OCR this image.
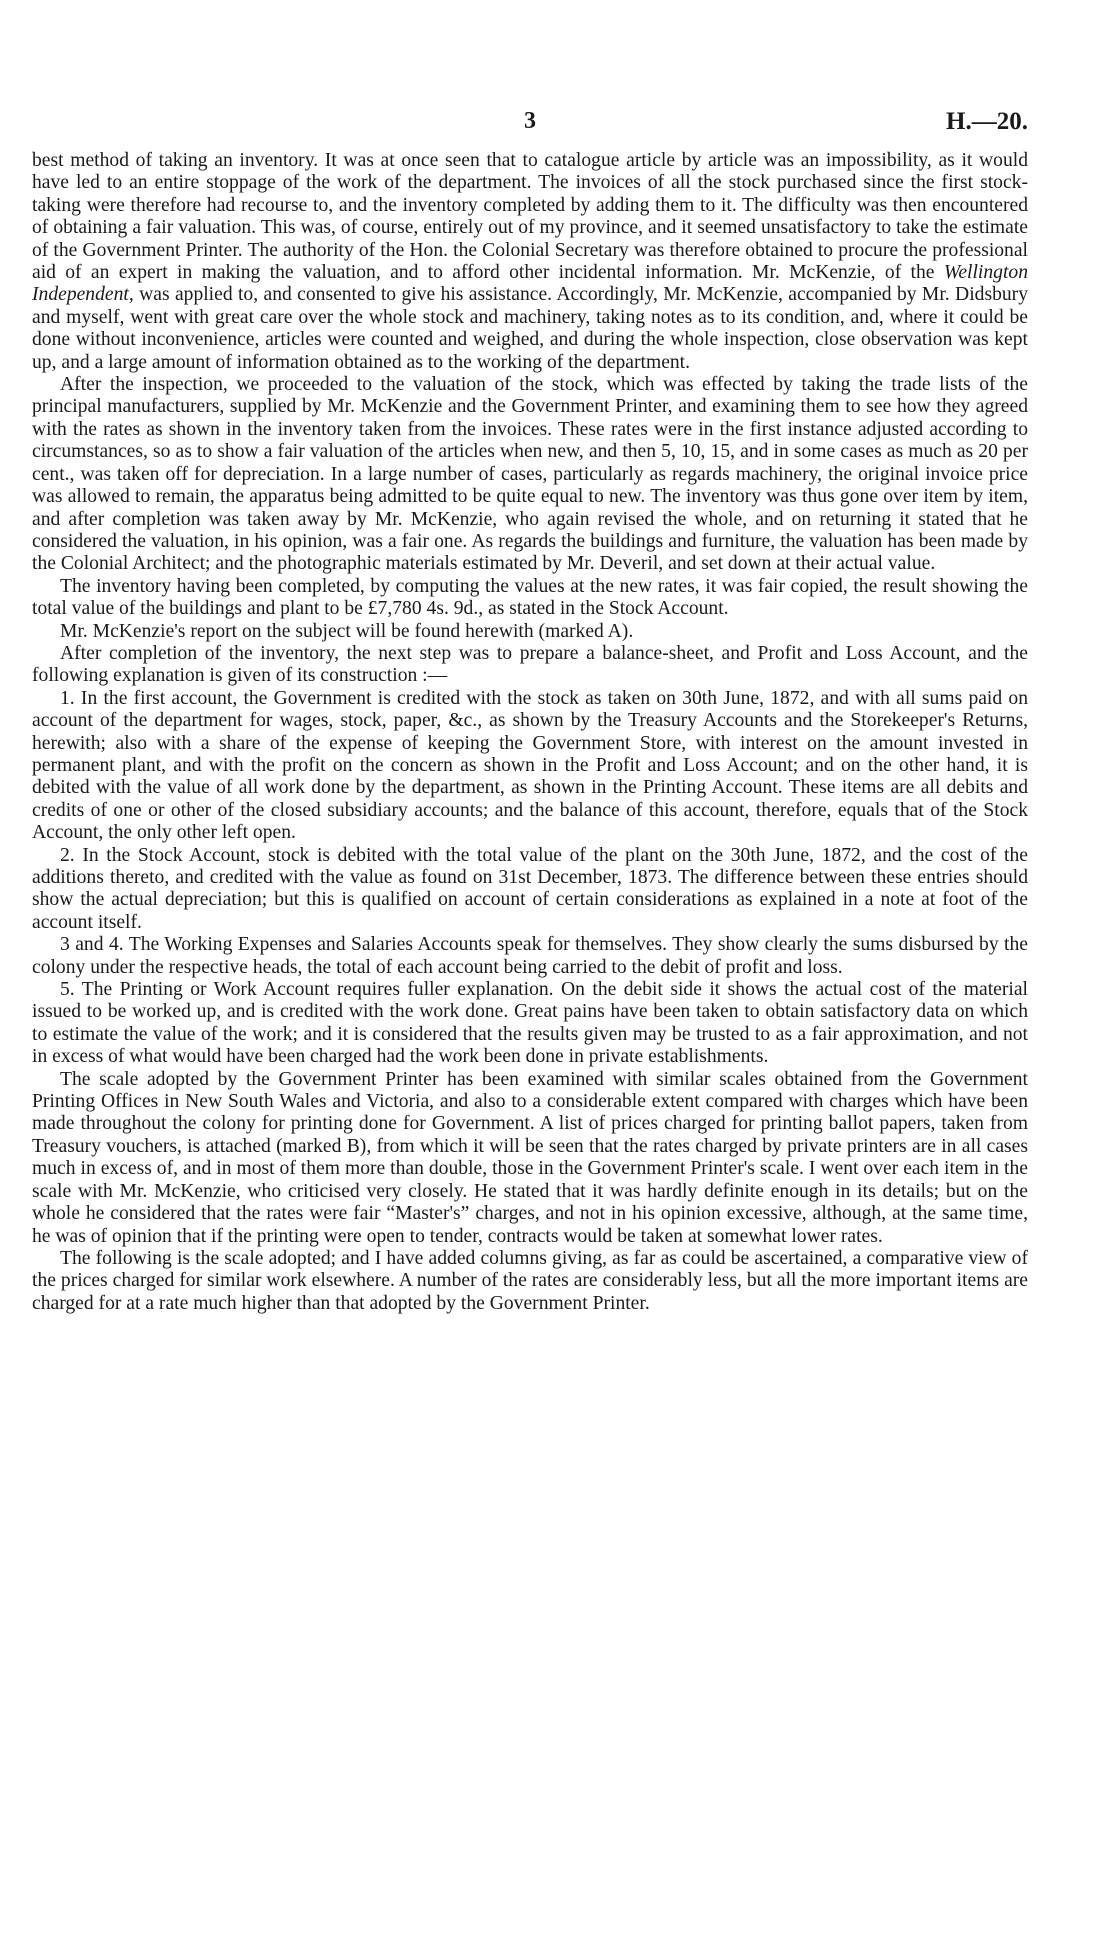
3	H.—20.

best method of taking an inventory. It was at once seen that to catalogue article by article was an impossibility, as it would have led to an entire stoppage of the work of the department. The invoices of all the stock purchased since the first stock-taking were therefore had recourse to, and the inventory completed by adding them to it. The difficulty was then encountered of obtaining a fair valuation. This was, of course, entirely out of my province, and it seemed unsatisfactory to take the estimate of the Government Printer. The authority of the Hon. the Colonial Secretary was therefore obtained to procure the professional aid of an expert in making the valuation, and to afford other incidental information. Mr. McKenzie, of the Wellington Independent, was applied to, and consented to give his assistance. Accordingly, Mr. McKenzie, accompanied by Mr. Didsbury and myself, went with great care over the whole stock and machinery, taking notes as to its condition, and, where it could be done without inconvenience, articles were counted and weighed, and during the whole inspection, close observation was kept up, and a large amount of information obtained as to the working of the department.

After the inspection, we proceeded to the valuation of the stock, which was effected by taking the trade lists of the principal manufacturers, supplied by Mr. McKenzie and the Government Printer, and examining them to see how they agreed with the rates as shown in the inventory taken from the invoices. These rates were in the first instance adjusted according to circumstances, so as to show a fair valuation of the articles when new, and then 5, 10, 15, and in some cases as much as 20 per cent., was taken off for depreciation. In a large number of cases, particularly as regards machinery, the original invoice price was allowed to remain, the apparatus being admitted to be quite equal to new. The inventory was thus gone over item by item, and after completion was taken away by Mr. McKenzie, who again revised the whole, and on returning it stated that he considered the valuation, in his opinion, was a fair one. As regards the buildings and furniture, the valuation has been made by the Colonial Architect; and the photographic materials estimated by Mr. Deveril, and set down at their actual value.

The inventory having been completed, by computing the values at the new rates, it was fair copied, the result showing the total value of the buildings and plant to be £7,780 4s. 9d., as stated in the Stock Account.

Mr. McKenzie's report on the subject will be found herewith (marked A).

After completion of the inventory, the next step was to prepare a balance-sheet, and Profit and Loss Account, and the following explanation is given of its construction :—

1. In the first account, the Government is credited with the stock as taken on 30th June, 1872, and with all sums paid on account of the department for wages, stock, paper, &c., as shown by the Treasury Accounts and the Storekeeper's Returns, herewith; also with a share of the expense of keeping the Government Store, with interest on the amount invested in permanent plant, and with the profit on the concern as shown in the Profit and Loss Account; and on the other hand, it is debited with the value of all work done by the department, as shown in the Printing Account. These items are all debits and credits of one or other of the closed subsidiary accounts; and the balance of this account, therefore, equals that of the Stock Account, the only other left open.

2. In the Stock Account, stock is debited with the total value of the plant on the 30th June, 1872, and the cost of the additions thereto, and credited with the value as found on 31st December, 1873. The difference between these entries should show the actual depreciation; but this is qualified on account of certain considerations as explained in a note at foot of the account itself.

3 and 4. The Working Expenses and Salaries Accounts speak for themselves. They show clearly the sums disbursed by the colony under the respective heads, the total of each account being carried to the debit of profit and loss.

5. The Printing or Work Account requires fuller explanation. On the debit side it shows the actual cost of the material issued to be worked up, and is credited with the work done. Great pains have been taken to obtain satisfactory data on which to estimate the value of the work; and it is considered that the results given may be trusted to as a fair approximation, and not in excess of what would have been charged had the work been done in private establishments.

The scale adopted by the Government Printer has been examined with similar scales obtained from the Government Printing Offices in New South Wales and Victoria, and also to a considerable extent compared with charges which have been made throughout the colony for printing done for Government. A list of prices charged for printing ballot papers, taken from Treasury vouchers, is attached (marked B), from which it will be seen that the rates charged by private printers are in all cases much in excess of, and in most of them more than double, those in the Government Printer's scale. I went over each item in the scale with Mr. McKenzie, who criticised very closely. He stated that it was hardly definite enough in its details; but on the whole he considered that the rates were fair “Master's” charges, and not in his opinion excessive, although, at the same time, he was of opinion that if the printing were open to tender, contracts would be taken at somewhat lower rates.

The following is the scale adopted; and I have added columns giving, as far as could be ascertained, a comparative view of the prices charged for similar work elsewhere. A number of the rates are considerably less, but all the more important items are charged for at a rate much higher than that adopted by the Government Printer.
